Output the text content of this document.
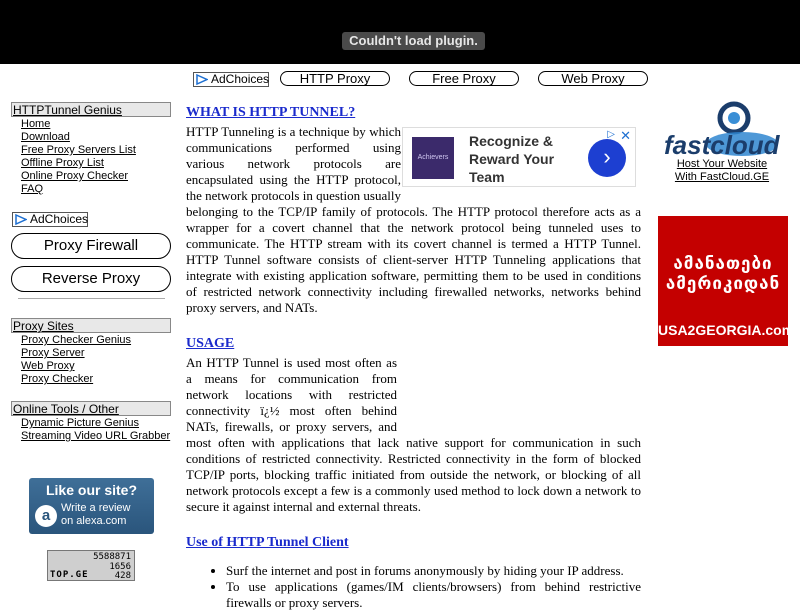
Couldn't load plugin.
AdChoices	HTTP Proxy	Free Proxy	Web Proxy
HTTPTunnel Genius
Home
Download
Free Proxy Servers List
Offline Proxy List
Online Proxy Checker
FAQ
AdChoices
Proxy Firewall
Reverse Proxy
Proxy Sites
Proxy Checker Genius
Proxy Server
Web Proxy
Proxy Checker
Online Tools / Other
Dynamic Picture Genius
Streaming Video URL Grabber
Like our site?
a Write a review
on alexa.com
5588871
1656
428
TOP.GE
WHAT IS HTTP TUNNEL?

HTTP Tunneling is a technique by which communications performed using various network protocols are encapsulated using the HTTP protocol, the network protocols in question usually belonging to the TCP/IP family of protocols. The HTTP protocol therefore acts as a wrapper for a covert channel that the network protocol being tunneled uses to communicate. The HTTP stream with its covert channel is termed a HTTP Tunnel. HTTP Tunnel software consists of client-server HTTP Tunneling applications that integrate with existing application software, permitting them to be used in conditions of restricted network connectivity including firewalled networks, networks behind proxy servers, and NATs.

USAGE

An HTTP Tunnel is used most often as a means for communication from network locations with restricted connectivity ï¿½ most often behind NATs, firewalls, or proxy servers, and most often with applications that lack native support for communication in such conditions of restricted connectivity. Restricted connectivity in the form of blocked TCP/IP ports, blocking traffic initiated from outside the network, or blocking of all network protocols except a few is a commonly used method to lock down a network to secure it against internal and external threats.

Use of HTTP Tunnel Client
• Surf the internet and post in forums anonymously by hiding your IP address.
• To use applications (games/IM clients/browsers) from behind restrictive firewalls or proxy servers.
Achievers
Recognize &
Reward Your
Team
›
▷ ✕ fastcloud
Host Your Website
With FastCloud.GE
ამანათები
ამერიკიდან
USA2GEORGIA.com
